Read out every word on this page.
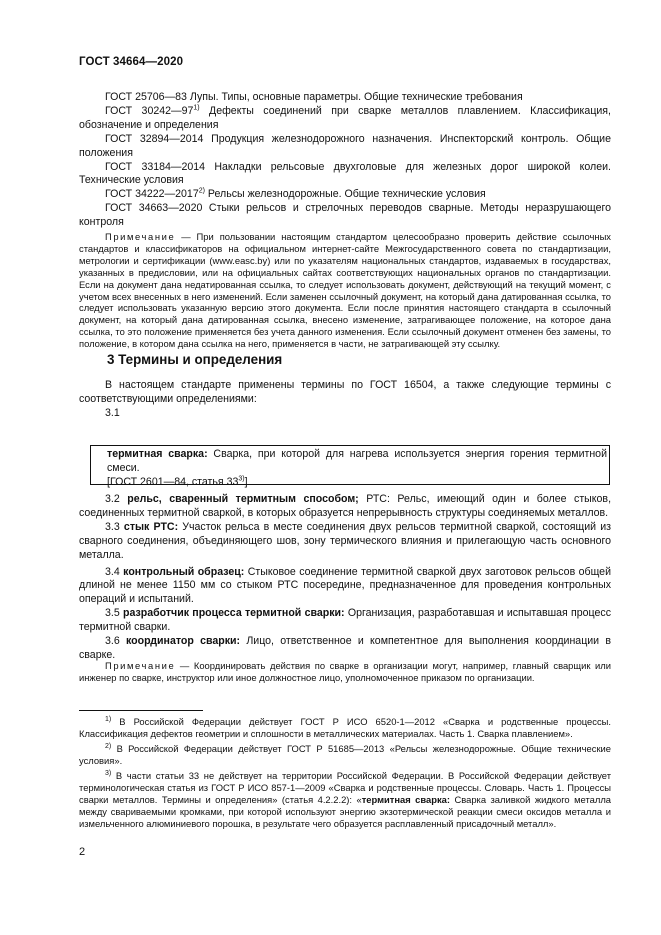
ГОСТ 34664—2020

ГОСТ 25706—83 Лупы. Типы, основные параметры. Общие технические требования

ГОСТ 30242—97$^{1)}$ Дефекты соединений при сварке металлов плавлением. Классификация, обозначение и определения

ГОСТ 32894—2014 Продукция железнодорожного назначения. Инспекторский контроль. Общие положения

ГОСТ 33184—2014 Накладки рельсовые двухголовые для железных дорог широкой колеи. Технические условия

ГОСТ 34222—2017$^{2)}$ Рельсы железнодорожные. Общие технические условия

ГОСТ 34663—2020 Стыки рельсов и стрелочных переводов сварные. Методы неразрушающего контроля

Примечание — При пользовании настоящим стандартом целесообразно проверить действие ссылочных стандартов и классификаторов на официальном интернет-сайте Межгосударственного совета по стандартизации, метрологии и сертификации (www.easc.by) или по указателям национальных стандартов, издаваемых в государствах, указанных в предисловии, или на официальных сайтах соответствующих национальных органов по стандартизации. Если на документ дана недатированная ссылка, то следует использовать документ, действующий на текущий момент, с учетом всех внесенных в него изменений. Если заменен ссылочный документ, на который дана датированная ссылка, то следует использовать указанную версию этого документа. Если после принятия настоящего стандарта в ссылочный документ, на который дана датированная ссылка, внесено изменение, затрагивающее положение, на которое дана ссылка, то это положение применяется без учета данного изменения. Если ссылочный документ отменен без замены, то положение, в котором дана ссылка на него, применяется в части, не затрагивающей эту ссылку.

3 Термины и определения

В настоящем стандарте применены термины по ГОСТ 16504, а также следующие термины с соответствующими определениями:

3.1

термитная сварка: Сварка, при которой для нагрева используется энергия горения термитной смеси.

[ГОСТ 2601—84, статья 33$^{3)}$]

3.2 рельс, сваренный термитным способом; РТС: Рельс, имеющий один и более стыков, соединенных термитной сваркой, в которых образуется непрерывность структуры соединяемых металлов.

3.3 стык РТС: Участок рельса в месте соединения двух рельсов термитной сваркой, состоящий из сварного соединения, объединяющего шов, зону термического влияния и прилегающую часть основного металла.

3.4 контрольный образец: Стыковое соединение термитной сваркой двух заготовок рельсов общей длиной не менее 1150 мм со стыком РТС посередине, предназначенное для проведения контрольных операций и испытаний.

3.5 разработчик процесса термитной сварки: Организация, разработавшая и испытавшая процесс термитной сварки.

3.6 координатор сварки: Лицо, ответственное и компетентное для выполнения координации в сварке.

Примечание — Координировать действия по сварке в организации могут, например, главный сварщик или инженер по сварке, инструктор или иное должностное лицо, уполномоченное приказом по организации.

$^{1)}$ В Российской Федерации действует ГОСТ Р ИСО 6520-1—2012 «Сварка и родственные процессы. Классификация дефектов геометрии и сплошности в металлических материалах. Часть 1. Сварка плавлением».

$^{2)}$ В Российской Федерации действует ГОСТ Р 51685—2013 «Рельсы железнодорожные. Общие технические условия».

$^{3)}$ В части статьи 33 не действует на территории Российской Федерации. В Российской Федерации действует терминологическая статья из ГОСТ Р ИСО 857-1—2009 «Сварка и родственные процессы. Словарь. Часть 1. Процессы сварки металлов. Термины и определения» (статья 4.2.2.2): «термитная сварка: Сварка заливкой жидкого металла между свариваемыми кромками, при которой используют энергию экзотермической реакции смеси оксидов металла и измельченного алюминиевого порошка, в результате чего образуется расплавленный присадочный металл».

2
